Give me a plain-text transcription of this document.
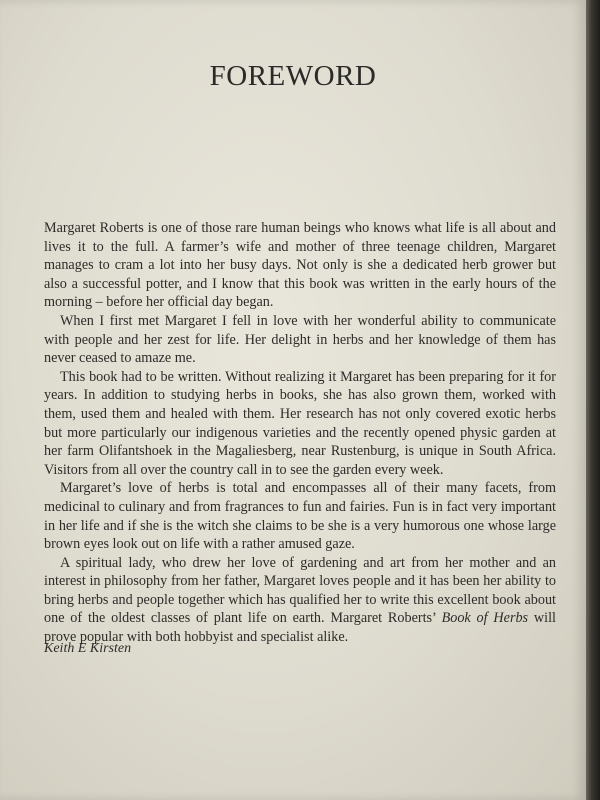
FOREWORD

Margaret Roberts is one of those rare human beings who knows what life is all about and lives it to the full. A farmer’s wife and mother of three teenage children, Margaret manages to cram a lot into her busy days. Not only is she a dedicated herb grower but also a successful potter, and I know that this book was written in the early hours of the morning – before her official day began.

When I first met Margaret I fell in love with her wonderful ability to communicate with people and her zest for life. Her delight in herbs and her knowledge of them has never ceased to amaze me.

This book had to be written. Without realizing it Margaret has been preparing for it for years. In addition to studying herbs in books, she has also grown them, worked with them, used them and healed with them. Her research has not only covered exotic herbs but more particularly our indigenous varieties and the recently opened physic garden at her farm Olifantshoek in the Magaliesberg, near Rustenburg, is unique in South Africa. Visitors from all over the country call in to see the garden every week.

Margaret’s love of herbs is total and encompasses all of their many facets, from medicinal to culinary and from fragrances to fun and fairies. Fun is in fact very important in her life and if she is the witch she claims to be she is a very humorous one whose large brown eyes look out on life with a rather amused gaze.

A spiritual lady, who drew her love of gardening and art from her mother and an interest in philosophy from her father, Margaret loves people and it has been her ability to bring herbs and people together which has qualified her to write this excellent book about one of the oldest classes of plant life on earth. Margaret Roberts’ Book of Herbs will prove popular with both hobbyist and specialist alike.

Keith E Kirsten
